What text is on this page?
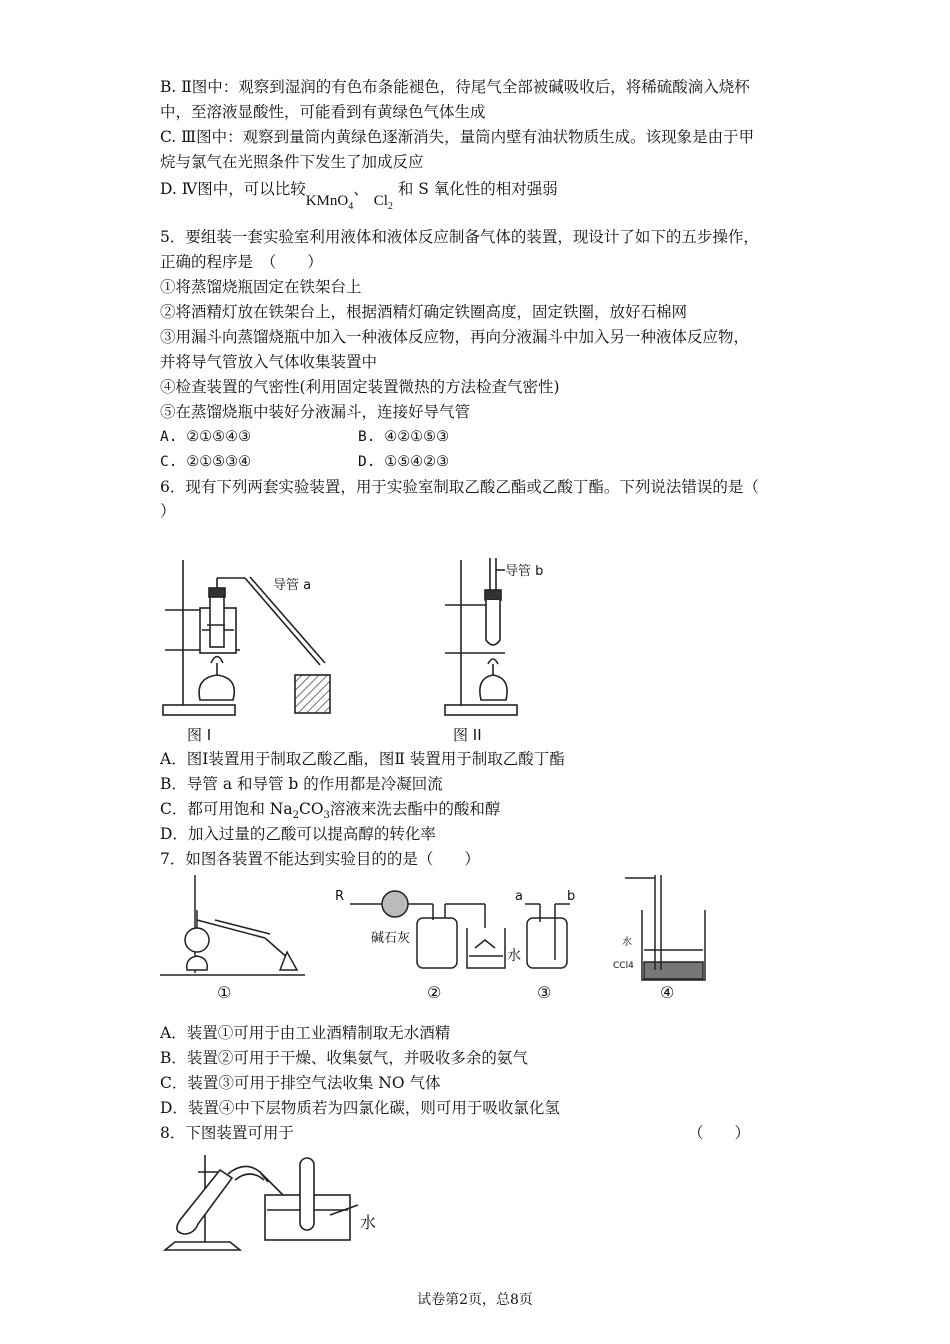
B. Ⅱ图中：观察到湿润的有色布条能褪色，待尾气全部被碱吸收后，将稀硫酸滴入烧杯
中，至溶液显酸性，可能看到有黄绿色气体生成
C. Ⅲ图中：观察到量筒内黄绿色逐渐消失，量筒内壁有油状物质生成。该现象是由于甲
烷与氯气在光照条件下发生了加成反应
D. Ⅳ图中，可以比较KMnO$_4$、 $Cl_2$ 和 S 氧化性的相对强弱
5．要组装一套实验室利用液体和液体反应制备气体的装置，现设计了如下的五步操作，
正确的程序是　（　　）
①将蒸馏烧瓶固定在铁架台上
②将酒精灯放在铁架台上，根据酒精灯确定铁圈高度，固定铁圈，放好石棉网
③用漏斗向蒸馏烧瓶中加入一种液体反应物，再向分液漏斗中加入另一种液体反应物，
并将导气管放入气体收集装置中
④检查装置的气密性(利用固定装置微热的方法检查气密性)
⑤在蒸馏烧瓶中装好分液漏斗，连接好导气管
A. ②①⑤④③	B. ④②①⑤③
C. ②①⑤③④	D. ①⑤④②③
6．现有下列两套实验装置，用于实验室制取乙酸乙酯或乙酸丁酯。下列说法错误的是（
）
导管 a
导管 b
图 I	图 II
A．图Ⅰ装置用于制取乙酸乙酯，图Ⅱ 装置用于制取乙酸丁酯
B．导管 a 和导管 b 的作用都是冷凝回流
C．都可用饱和 $Na_2CO_3$溶液来洗去酯中的酸和醇
D．加入过量的乙酸可以提高醇的转化率
7．如图各装置不能达到实验目的的是（　　）
R
碱石灰
水
a	b
水
CCl4
①	②	③	④
A．装置①可用于由工业酒精制取无水酒精
B．装置②可用于干燥、收集氨气，并吸收多余的氨气
C．装置③可用于排空气法收集 NO 气体
D．装置④中下层物质若为四氯化碳，则可用于吸收氯化氢
8．下图装置可用于	（　　）
水
试卷第2页，总8页
